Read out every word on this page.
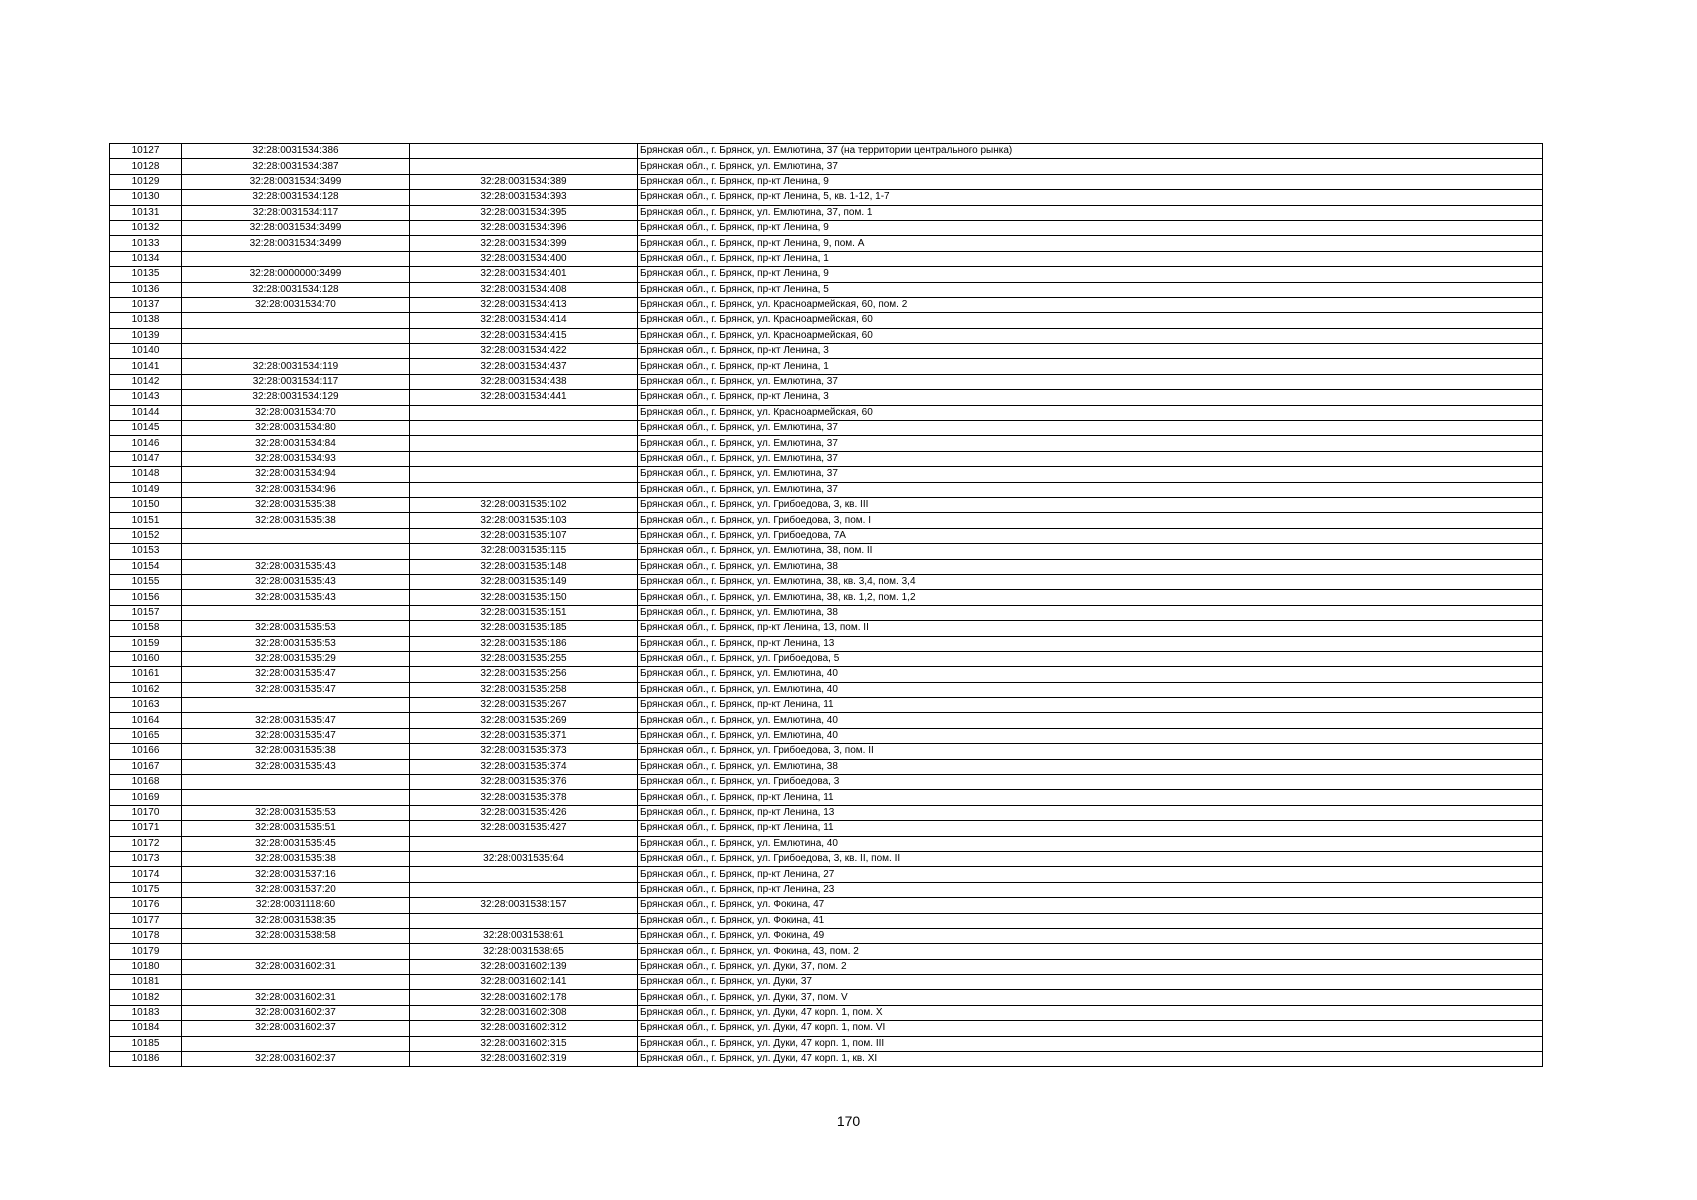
10127	32:28:0031534:386		Брянская обл., г. Брянск, ул. Емлютина, 37 (на территории центрального рынка)
10128	32:28:0031534:387		Брянская обл., г. Брянск, ул. Емлютина, 37
10129	32:28:0031534:3499	32:28:0031534:389	Брянская обл., г. Брянск, пр-кт Ленина, 9
10130	32:28:0031534:128	32:28:0031534:393	Брянская обл., г. Брянск, пр-кт Ленина, 5, кв. 1-12, 1-7
10131	32:28:0031534:117	32:28:0031534:395	Брянская обл., г. Брянск, ул. Емлютина, 37, пом. 1
10132	32:28:0031534:3499	32:28:0031534:396	Брянская обл., г. Брянск, пр-кт Ленина, 9
10133	32:28:0031534:3499	32:28:0031534:399	Брянская обл., г. Брянск, пр-кт Ленина, 9, пом. А
10134		32:28:0031534:400	Брянская обл., г. Брянск, пр-кт Ленина, 1
10135	32:28:0000000:3499	32:28:0031534:401	Брянская обл., г. Брянск, пр-кт Ленина, 9
10136	32:28:0031534:128	32:28:0031534:408	Брянская обл., г. Брянск, пр-кт Ленина, 5
10137	32:28:0031534:70	32:28:0031534:413	Брянская обл., г. Брянск, ул. Красноармейская, 60, пом. 2
10138		32:28:0031534:414	Брянская обл., г. Брянск, ул. Красноармейская, 60
10139		32:28:0031534:415	Брянская обл., г. Брянск, ул. Красноармейская, 60
10140		32:28:0031534:422	Брянская обл., г. Брянск, пр-кт Ленина, 3
10141	32:28:0031534:119	32:28:0031534:437	Брянская обл., г. Брянск, пр-кт Ленина, 1
10142	32:28:0031534:117	32:28:0031534:438	Брянская обл., г. Брянск, ул. Емлютина, 37
10143	32:28:0031534:129	32:28:0031534:441	Брянская обл., г. Брянск, пр-кт Ленина, 3
10144	32:28:0031534:70		Брянская обл., г. Брянск, ул. Красноармейская, 60
10145	32:28:0031534:80		Брянская обл., г. Брянск, ул. Емлютина, 37
10146	32:28:0031534:84		Брянская обл., г. Брянск, ул. Емлютина, 37
10147	32:28:0031534:93		Брянская обл., г. Брянск, ул. Емлютина, 37
10148	32:28:0031534:94		Брянская обл., г. Брянск, ул. Емлютина, 37
10149	32:28:0031534:96		Брянская обл., г. Брянск, ул. Емлютина, 37
10150	32:28:0031535:38	32:28:0031535:102	Брянская обл., г. Брянск, ул. Грибоедова, 3, кв. III
10151	32:28:0031535:38	32:28:0031535:103	Брянская обл., г. Брянск, ул. Грибоедова, 3, пом. I
10152		32:28:0031535:107	Брянская обл., г. Брянск, ул. Грибоедова, 7А
10153		32:28:0031535:115	Брянская обл., г. Брянск, ул. Емлютина, 38, пом. II
10154	32:28:0031535:43	32:28:0031535:148	Брянская обл., г. Брянск, ул. Емлютина, 38
10155	32:28:0031535:43	32:28:0031535:149	Брянская обл., г. Брянск, ул. Емлютина, 38, кв. 3,4, пом. 3,4
10156	32:28:0031535:43	32:28:0031535:150	Брянская обл., г. Брянск, ул. Емлютина, 38, кв. 1,2, пом. 1,2
10157		32:28:0031535:151	Брянская обл., г. Брянск, ул. Емлютина, 38
10158	32:28:0031535:53	32:28:0031535:185	Брянская обл., г. Брянск, пр-кт Ленина, 13, пом. II
10159	32:28:0031535:53	32:28:0031535:186	Брянская обл., г. Брянск, пр-кт Ленина, 13
10160	32:28:0031535:29	32:28:0031535:255	Брянская обл., г. Брянск, ул. Грибоедова, 5
10161	32:28:0031535:47	32:28:0031535:256	Брянская обл., г. Брянск, ул. Емлютина, 40
10162	32:28:0031535:47	32:28:0031535:258	Брянская обл., г. Брянск, ул. Емлютина, 40
10163		32:28:0031535:267	Брянская обл., г. Брянск, пр-кт Ленина, 11
10164	32:28:0031535:47	32:28:0031535:269	Брянская обл., г. Брянск, ул. Емлютина, 40
10165	32:28:0031535:47	32:28:0031535:371	Брянская обл., г. Брянск, ул. Емлютина, 40
10166	32:28:0031535:38	32:28:0031535:373	Брянская обл., г. Брянск, ул. Грибоедова, 3, пом. II
10167	32:28:0031535:43	32:28:0031535:374	Брянская обл., г. Брянск, ул. Емлютина, 38
10168		32:28:0031535:376	Брянская обл., г. Брянск, ул. Грибоедова, 3
10169		32:28:0031535:378	Брянская обл., г. Брянск, пр-кт Ленина, 11
10170	32:28:0031535:53	32:28:0031535:426	Брянская обл., г. Брянск, пр-кт Ленина, 13
10171	32:28:0031535:51	32:28:0031535:427	Брянская обл., г. Брянск, пр-кт Ленина, 11
10172	32:28:0031535:45		Брянская обл., г. Брянск, ул. Емлютина, 40
10173	32:28:0031535:38	32:28:0031535:64	Брянская обл., г. Брянск, ул. Грибоедова, 3, кв. II, пом. II
10174	32:28:0031537:16		Брянская обл., г. Брянск, пр-кт Ленина, 27
10175	32:28:0031537:20		Брянская обл., г. Брянск, пр-кт Ленина, 23
10176	32:28:0031118:60	32:28:0031538:157	Брянская обл., г. Брянск, ул. Фокина, 47
10177	32:28:0031538:35		Брянская обл., г. Брянск, ул. Фокина, 41
10178	32:28:0031538:58	32:28:0031538:61	Брянская обл., г. Брянск, ул. Фокина, 49
10179		32:28:0031538:65	Брянская обл., г. Брянск, ул. Фокина, 43, пом. 2
10180	32:28:0031602:31	32:28:0031602:139	Брянская обл., г. Брянск, ул. Дуки, 37, пом. 2
10181		32:28:0031602:141	Брянская обл., г. Брянск, ул. Дуки, 37
10182	32:28:0031602:31	32:28:0031602:178	Брянская обл., г. Брянск, ул. Дуки, 37, пом. V
10183	32:28:0031602:37	32:28:0031602:308	Брянская обл., г. Брянск, ул. Дуки, 47 корп. 1, пом. X
10184	32:28:0031602:37	32:28:0031602:312	Брянская обл., г. Брянск, ул. Дуки, 47 корп. 1, пом. VI
10185		32:28:0031602:315	Брянская обл., г. Брянск, ул. Дуки, 47 корп. 1, пом. III
10186	32:28:0031602:37	32:28:0031602:319	Брянская обл., г. Брянск, ул. Дуки, 47 корп. 1, кв. XI
170
